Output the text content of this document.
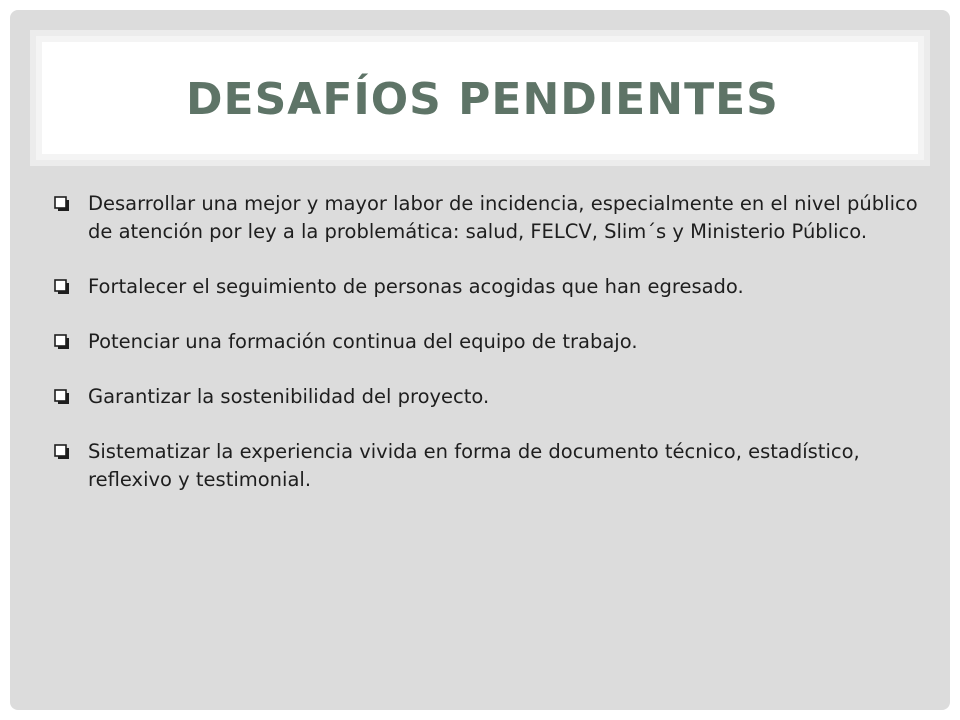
DESAFÍOS PENDIENTES
Desarrollar una mejor y mayor labor de incidencia, especialmente en el nivel público de atención por ley a la problemática: salud, FELCV, Slim´s y Ministerio Público.
Fortalecer el seguimiento de personas acogidas que han egresado.
Potenciar una formación continua del equipo de trabajo.
Garantizar la sostenibilidad del proyecto.
Sistematizar la experiencia vivida en forma de documento técnico, estadístico, reflexivo y testimonial.
